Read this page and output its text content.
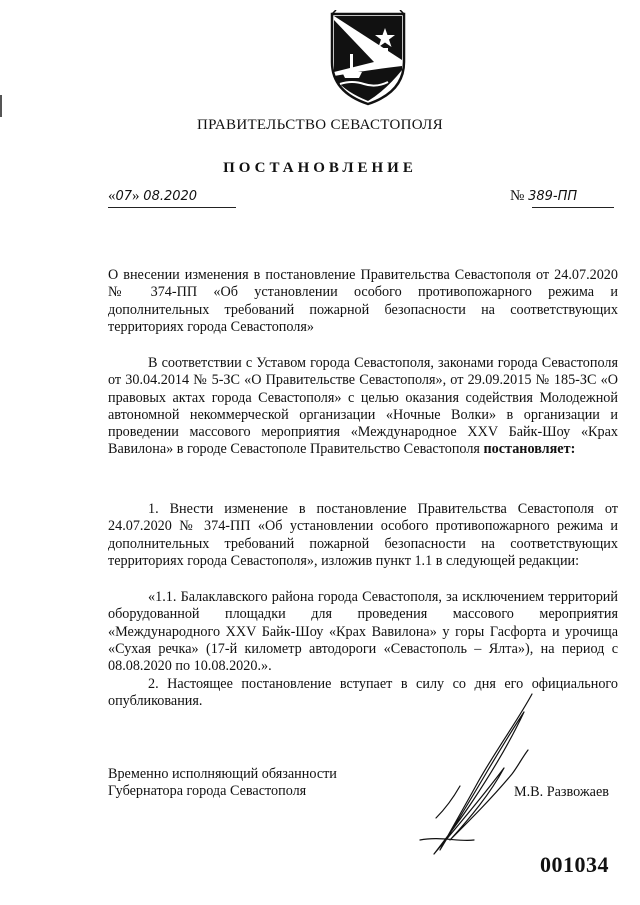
ПРАВИТЕЛЬСТВО СЕВАСТОПОЛЯ
ПОСТАНОВЛЕНИЕ
«07» 08.2020	№ 389-ПП
О внесении изменения в постановление Правительства Севастополя от 24.07.2020 № 374-ПП «Об установлении особого противопожарного режима и дополнительных требований пожарной безопасности на соответствующих территориях города Севастополя»
В соответствии с Уставом города Севастополя, законами города Севастополя от 30.04.2014 № 5-ЗС «О Правительстве Севастополя», от 29.09.2015 № 185-ЗС «О правовых актах города Севастополя» с целью оказания содействия Молодежной автономной некоммерческой организации «Ночные Волки» в организации и проведении массового мероприятия «Международное XXV Байк-Шоу «Крах Вавилона» в городе Севастополе Правительство Севастополя постановляет:
1. Внести изменение в постановление Правительства Севастополя от 24.07.2020 № 374-ПП «Об установлении особого противопожарного режима и дополнительных требований пожарной безопасности на соответствующих территориях города Севастополя», изложив пункт 1.1 в следующей редакции:
«1.1. Балаклавского района города Севастополя, за исключением территорий оборудованной площадки для проведения массового мероприятия «Международного XXV Байк-Шоу «Крах Вавилона» у горы Гасфорта и урочища «Сухая речка» (17-й километр автодороги «Севастополь – Ялта»), на период с 08.08.2020 по 10.08.2020.».
2. Настоящее постановление вступает в силу со дня его официального опубликования.
Временно исполняющий обязанности
Губернатора города Севастополя	М.В. Развожаев
001034
